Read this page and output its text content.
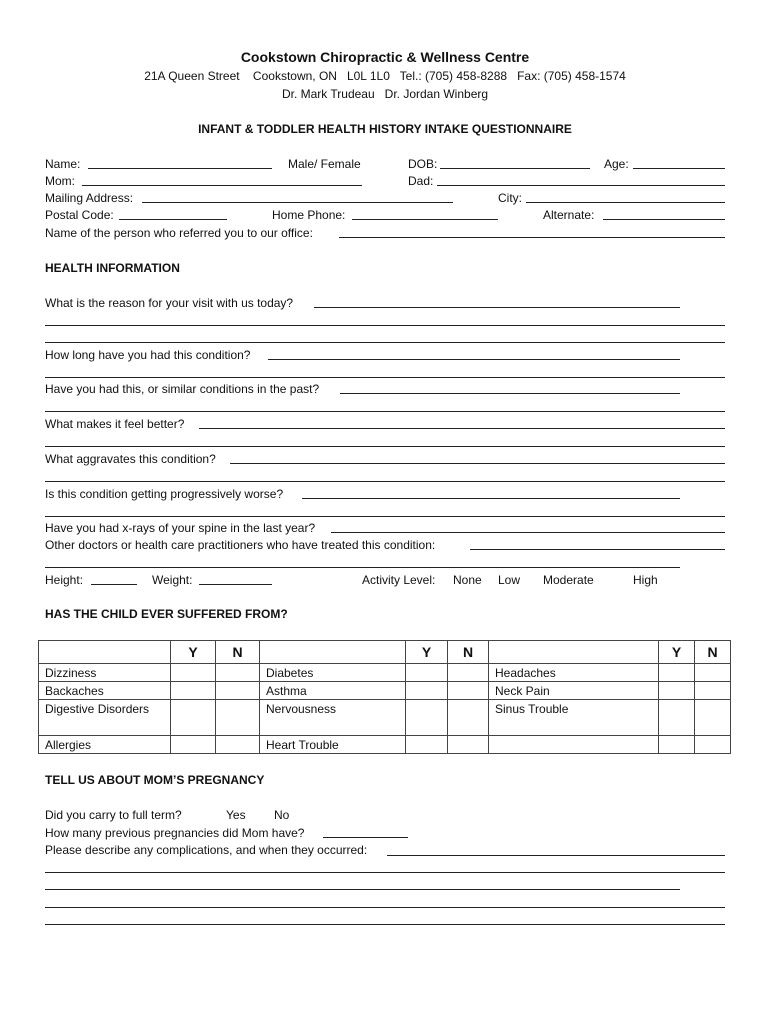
Cookstown Chiropractic & Wellness Centre
21A Queen Street    Cookstown, ON   L0L 1L0   Tel.: (705) 458-8288   Fax: (705) 458-1574
Dr. Mark Trudeau   Dr. Jordan Winberg
INFANT & TODDLER HEALTH HISTORY INTAKE QUESTIONNAIRE
Name:	Male/ Female	DOB:	Age:
Mom:	Dad:
Mailing Address:	City:
Postal Code:	Home Phone:	Alternate:
Name of the person who referred you to our office:
HEALTH INFORMATION
What is the reason for your visit with us today?
How long have you had this condition?
Have you had this, or similar conditions in the past?
What makes it feel better?
What aggravates this condition?
Is this condition getting progressively worse?
Have you had x-rays of your spine in the last year?
Other doctors or health care practitioners who have treated this condition:
Height:	Weight:	Activity Level: None Low Moderate	High
HAS THE CHILD EVER SUFFERED FROM?
	Y	N		Y	N		Y	N
Dizziness			Diabetes			Headaches		
Backaches			Asthma			Neck Pain		
Digestive Disorders			Nervousness			Sinus Trouble		
Allergies			Heart Trouble					
TELL US ABOUT MOM’S PREGNANCY
Did you carry to full term?	Yes No
How many previous pregnancies did Mom have?
Please describe any complications, and when they occurred:
